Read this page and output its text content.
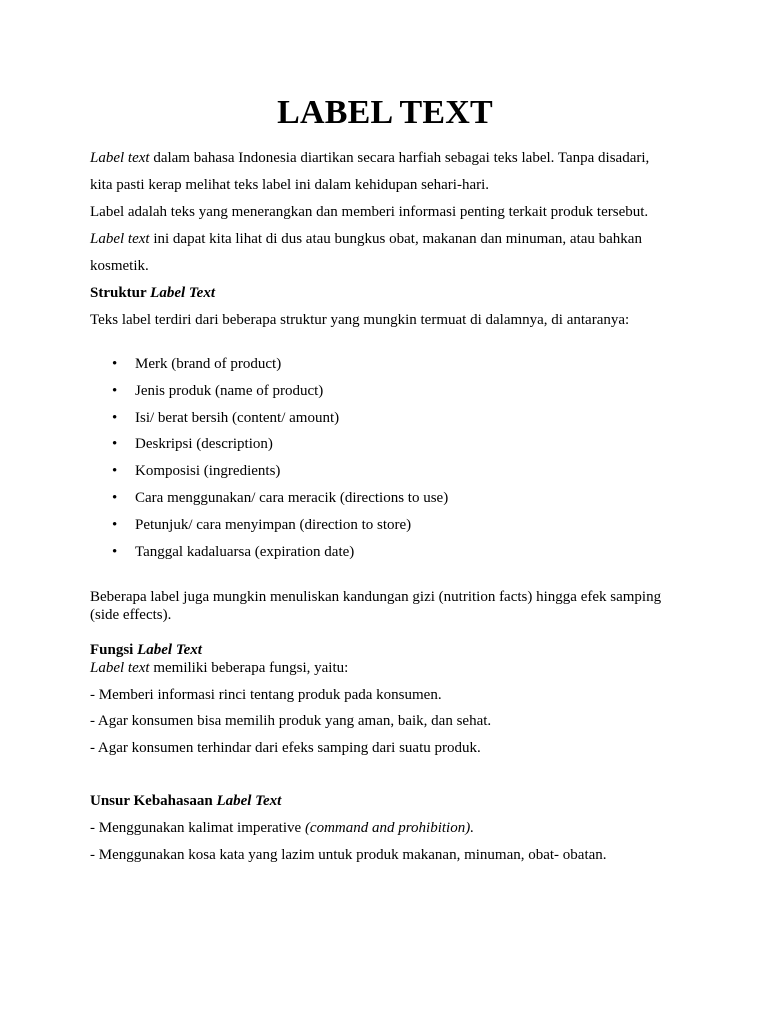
LABEL TEXT

Label text dalam bahasa Indonesia diartikan secara harfiah sebagai teks label. Tanpa disadari,

kita pasti kerap melihat teks label ini dalam kehidupan sehari-hari.

Label adalah teks yang menerangkan dan memberi informasi penting terkait produk tersebut.

Label text ini dapat kita lihat di dus atau bungkus obat, makanan dan minuman, atau bahkan

kosmetik.

Struktur Label Text

Teks label terdiri dari beberapa struktur yang mungkin termuat di dalamnya, di antaranya:

• Merk (brand of product)
• Jenis produk (name of product)
• Isi/ berat bersih (content/ amount)
• Deskripsi (description)
• Komposisi (ingredients)
• Cara menggunakan/ cara meracik (directions to use)
• Petunjuk/ cara menyimpan (direction to store)
• Tanggal kadaluarsa (expiration date)

Beberapa label juga mungkin menuliskan kandungan gizi (nutrition facts) hingga efek samping (side effects).

Fungsi Label Text

Label text memiliki beberapa fungsi, yaitu:

- Memberi informasi rinci tentang produk pada konsumen.

- Agar konsumen bisa memilih produk yang aman, baik, dan sehat.

- Agar konsumen terhindar dari efeks samping dari suatu produk.

Unsur Kebahasaan Label Text

- Menggunakan kalimat imperative (command and prohibition).

- Menggunakan kosa kata yang lazim untuk produk makanan, minuman, obat- obatan.
